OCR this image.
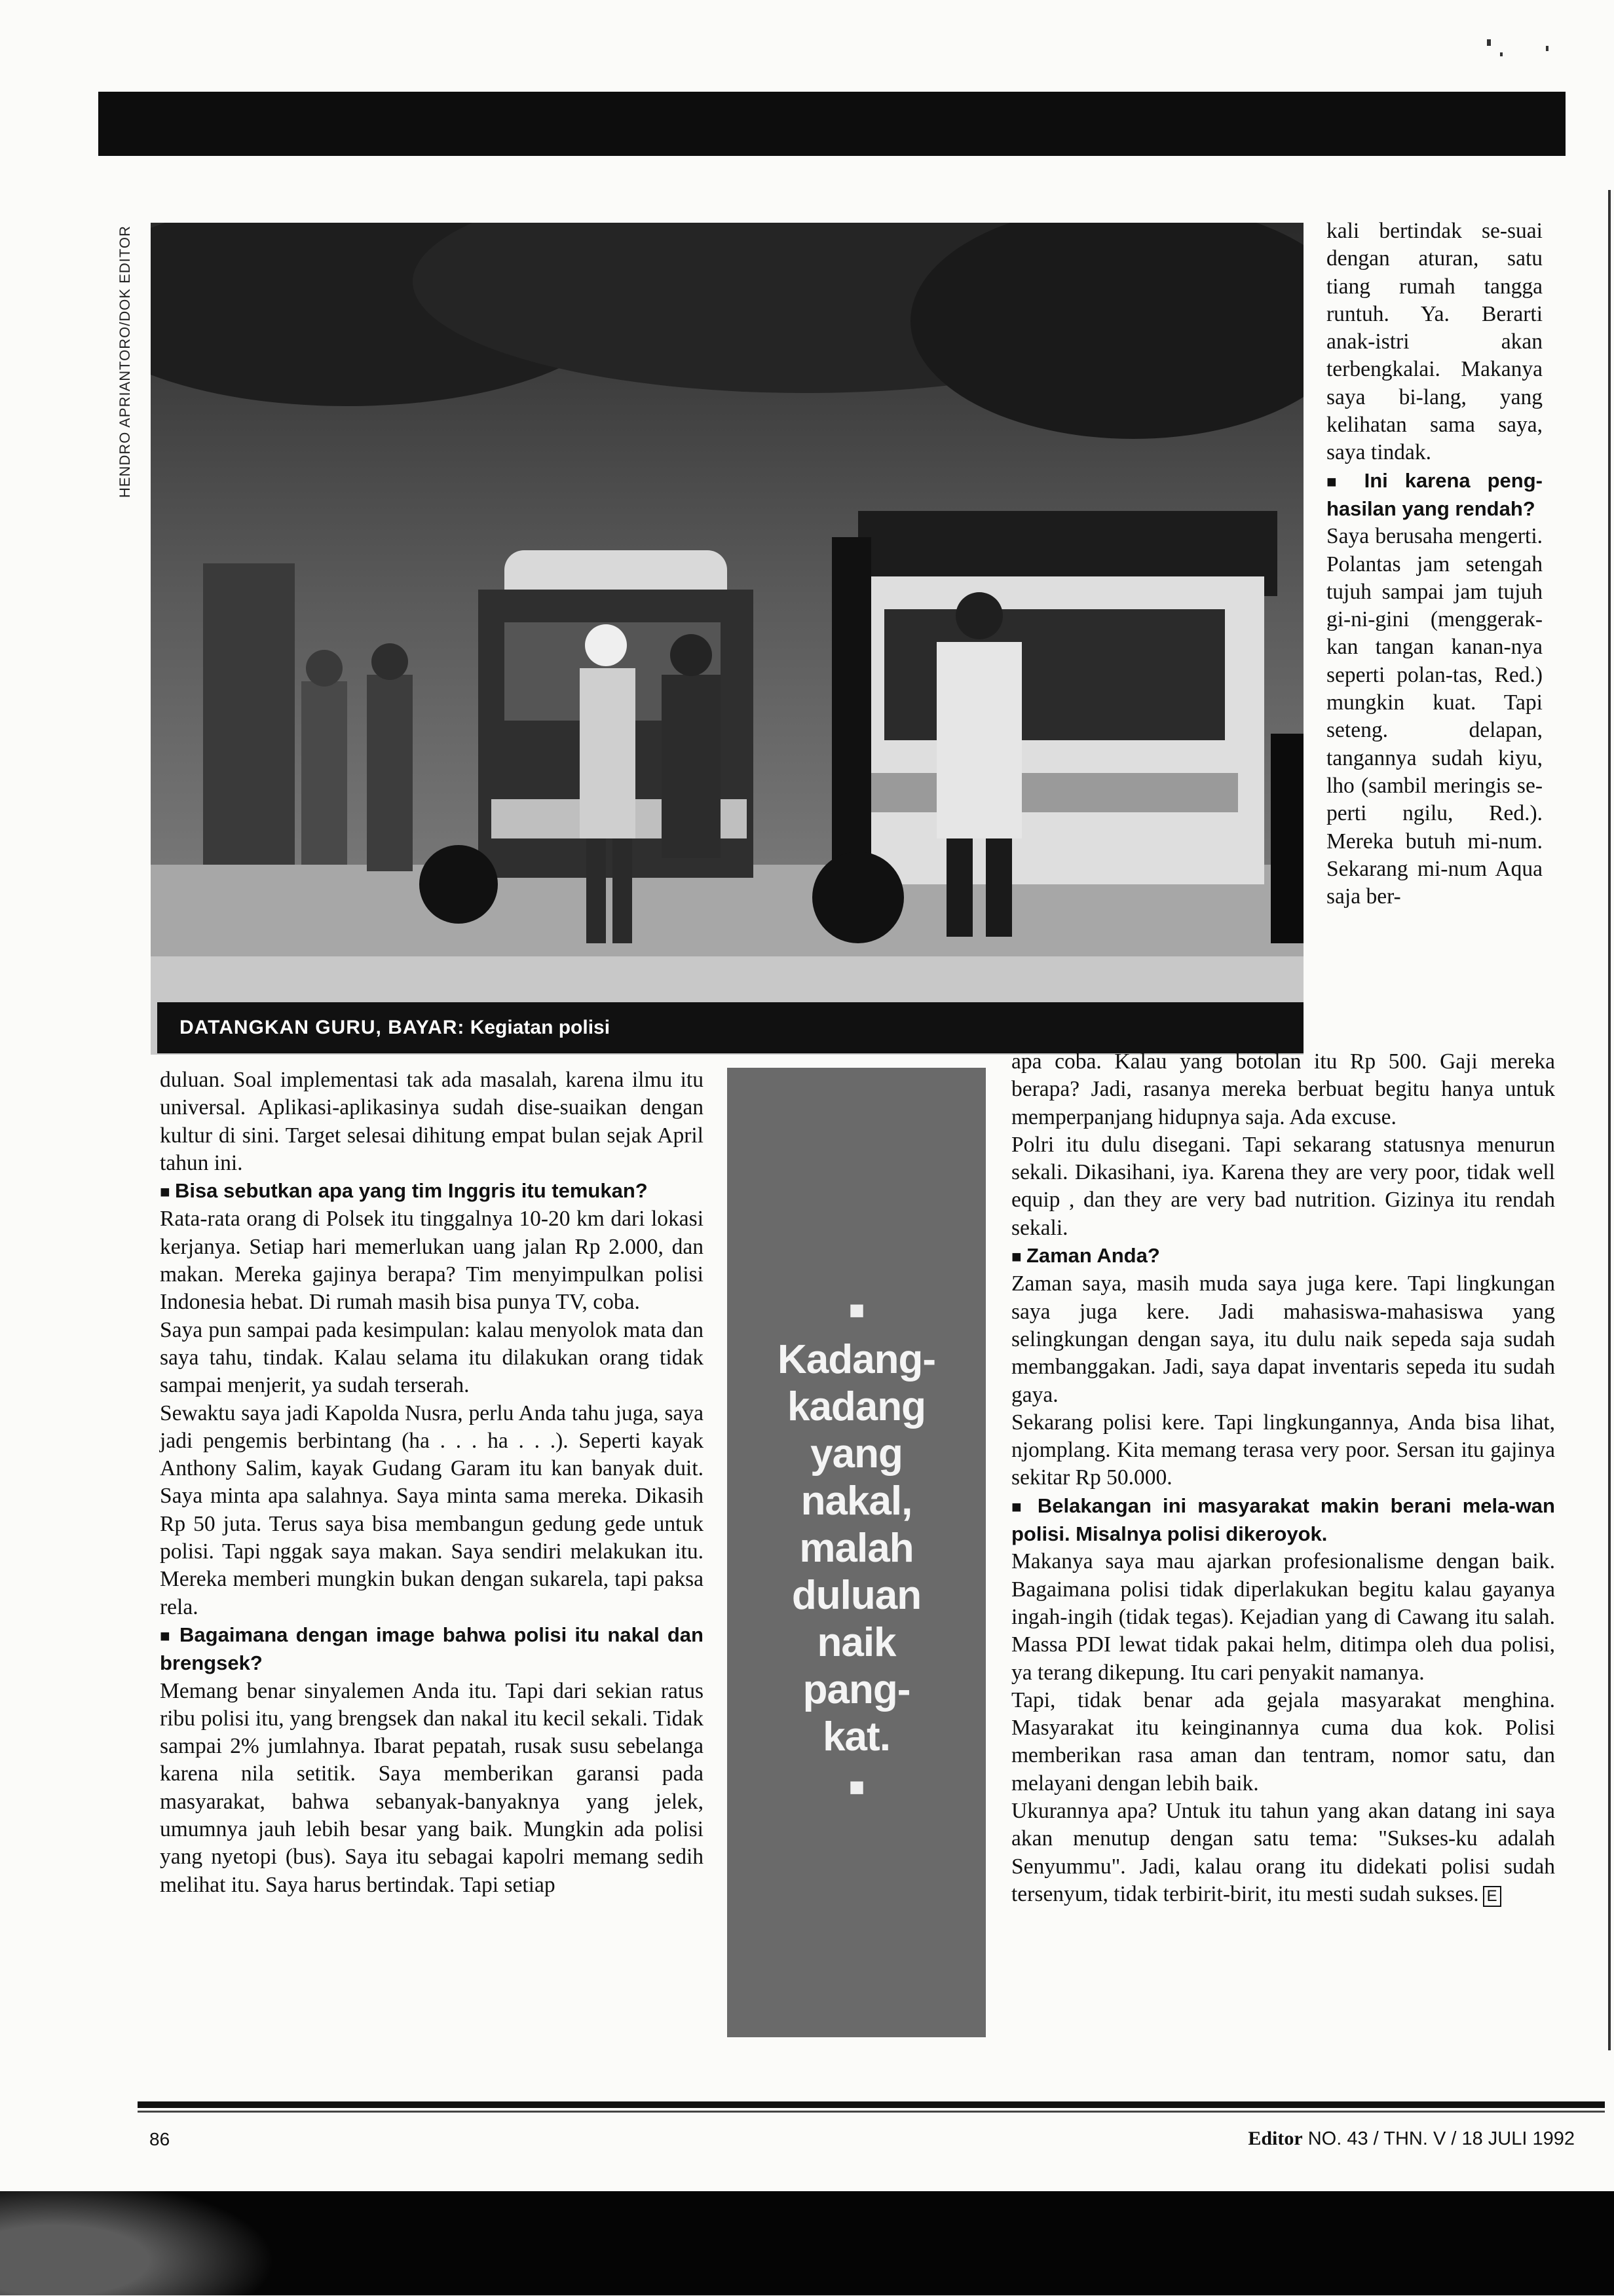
HENDRO APRIANTORO/DOK EDITOR
DATANGKAN GURU, BAYAR: Kegiatan polisi

kali bertindak se-suai dengan aturan, satu tiang rumah tangga runtuh. Ya. Berarti anak-istri akan terbengkalai. Makanya saya bi-lang, yang kelihatan sama saya, saya tindak.

■ Ini karena peng-hasilan yang rendah?

Saya berusaha mengerti. Polantas jam setengah tujuh sampai jam tujuh gi-ni-gini (menggerak-kan tangan kanan-nya seperti polan-tas, Red.) mungkin kuat. Tapi seteng. delapan, tangannya sudah kiyu, lho (sambil meringis se-perti ngilu, Red.). Mereka butuh mi-num. Sekarang mi-num Aqua saja ber-

duluan. Soal implementasi tak ada masalah, karena ilmu itu universal. Aplikasi-aplikasinya sudah dise-suaikan dengan kultur di sini. Target selesai dihitung empat bulan sejak April tahun ini.

■ Bisa sebutkan apa yang tim Inggris itu temukan?

Rata-rata orang di Polsek itu tinggalnya 10-20 km dari lokasi kerjanya. Setiap hari memerlukan uang jalan Rp 2.000, dan makan. Mereka gajinya berapa? Tim menyimpulkan polisi Indonesia hebat. Di rumah masih bisa punya TV, coba.

Saya pun sampai pada kesimpulan: kalau menyolok mata dan saya tahu, tindak. Kalau selama itu dilakukan orang tidak sampai menjerit, ya sudah terserah.

Sewaktu saya jadi Kapolda Nusra, perlu Anda tahu juga, saya jadi pengemis berbintang (ha . . . ha . . .). Seperti kayak Anthony Salim, kayak Gudang Garam itu kan banyak duit. Saya minta apa salahnya. Saya minta sama mereka. Dikasih Rp 50 juta. Terus saya bisa membangun gedung gede untuk polisi. Tapi nggak saya makan. Saya sendiri melakukan itu. Mereka memberi mungkin bukan dengan sukarela, tapi paksa rela.

■ Bagaimana dengan image bahwa polisi itu nakal dan brengsek?

Memang benar sinyalemen Anda itu. Tapi dari sekian ratus ribu polisi itu, yang brengsek dan nakal itu kecil sekali. Tidak sampai 2% jumlahnya. Ibarat pepatah, rusak susu sebelanga karena nila setitik. Saya memberikan garansi pada masyarakat, bahwa sebanyak-banyaknya yang jelek, umumnya jauh lebih besar yang baik. Mungkin ada polisi yang nyetopi (bus). Saya itu sebagai kapolri memang sedih melihat itu. Saya harus bertindak. Tapi setiap

■
Kadang-
kadang
yang
nakal,
malah
duluan
naik
pang-
kat.
■

apa coba. Kalau yang botolan itu Rp 500. Gaji mereka berapa? Jadi, rasanya mereka berbuat begitu hanya untuk memperpanjang hidupnya saja. Ada excuse.

Polri itu dulu disegani. Tapi sekarang statusnya menurun sekali. Dikasihani, iya. Karena they are very poor, tidak well equip , dan they are very bad nutrition. Gizinya itu rendah sekali.

■ Zaman Anda?

Zaman saya, masih muda saya juga kere. Tapi lingkungan saya juga kere. Jadi mahasiswa-mahasiswa yang selingkungan dengan saya, itu dulu naik sepeda saja sudah membanggakan. Jadi, saya dapat inventaris sepeda itu sudah gaya.

Sekarang polisi kere. Tapi lingkungannya, Anda bisa lihat, njomplang. Kita memang terasa very poor. Sersan itu gajinya sekitar Rp 50.000.

■ Belakangan ini masyarakat makin berani mela-wan polisi. Misalnya polisi dikeroyok.

Makanya saya mau ajarkan profesionalisme dengan baik. Bagaimana polisi tidak diperlakukan begitu kalau gayanya ingah-ingih (tidak tegas). Kejadian yang di Cawang itu salah. Massa PDI lewat tidak pakai helm, ditimpa oleh dua polisi, ya terang dikepung. Itu cari penyakit namanya.

Tapi, tidak benar ada gejala masyarakat menghina. Masyarakat itu keinginannya cuma dua kok. Polisi memberikan rasa aman dan tentram, nomor satu, dan melayani dengan lebih baik.

Ukurannya apa? Untuk itu tahun yang akan datang ini saya akan menutup dengan satu tema: "Sukses-ku adalah Senyummu". Jadi, kalau orang itu didekati polisi sudah tersenyum, tidak terbirit-birit, itu mesti sudah sukses. E

86	Editor NO. 43 / THN. V / 18 JULI 1992
